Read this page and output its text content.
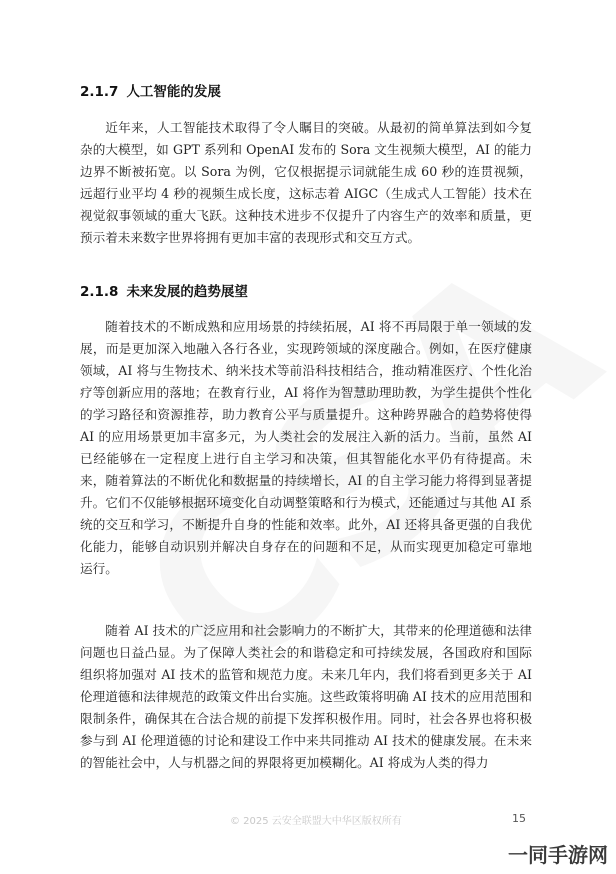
2.1.7 人工智能的发展

近年来，人工智能技术取得了令人瞩目的突破。从最初的简单算法到如今复杂的大模型，如 GPT 系列和 OpenAI 发布的 Sora 文生视频大模型，AI 的能力边界不断被拓宽。以 Sora 为例，它仅根据提示词就能生成 60 秒的连贯视频，远超行业平均 4 秒的视频生成长度，这标志着 AIGC（生成式人工智能）技术在视觉叙事领域的重大飞跃。这种技术进步不仅提升了内容生产的效率和质量，更预示着未来数字世界将拥有更加丰富的表现形式和交互方式。

2.1.8 未来发展的趋势展望

随着技术的不断成熟和应用场景的持续拓展，AI 将不再局限于单一领域的发展，而是更加深入地融入各行各业，实现跨领域的深度融合。例如，在医疗健康领域，AI 将与生物技术、纳米技术等前沿科技相结合，推动精准医疗、个性化治疗等创新应用的落地；在教育行业，AI 将作为智慧助理助教，为学生提供个性化的学习路径和资源推荐，助力教育公平与质量提升。这种跨界融合的趋势将使得 AI 的应用场景更加丰富多元，为人类社会的发展注入新的活力。当前，虽然 AI 已经能够在一定程度上进行自主学习和决策，但其智能化水平仍有待提高。未来，随着算法的不断优化和数据量的持续增长，AI 的自主学习能力将得到显著提升。它们不仅能够根据环境变化自动调整策略和行为模式，还能通过与其他 AI 系统的交互和学习，不断提升自身的性能和效率。此外，AI 还将具备更强的自我优化能力，能够自动识别并解决自身存在的问题和不足，从而实现更加稳定可靠地运行。

随着 AI 技术的广泛应用和社会影响力的不断扩大，其带来的伦理道德和法律问题也日益凸显。为了保障人类社会的和谐稳定和可持续发展，各国政府和国际组织将加强对 AI 技术的监管和规范力度。未来几年内，我们将看到更多关于 AI 伦理道德和法律规范的政策文件出台实施。这些政策将明确 AI 技术的应用范围和限制条件，确保其在合法合规的前提下发挥积极作用。同时，社会各界也将积极参与到 AI 伦理道德的讨论和建设工作中来共同推动 AI 技术的健康发展。在未来的智能社会中，人与机器之间的界限将更加模糊化。AI 将成为人类的得力

© 2025 云安全联盟大中华区版权所有	15
一同手游网
